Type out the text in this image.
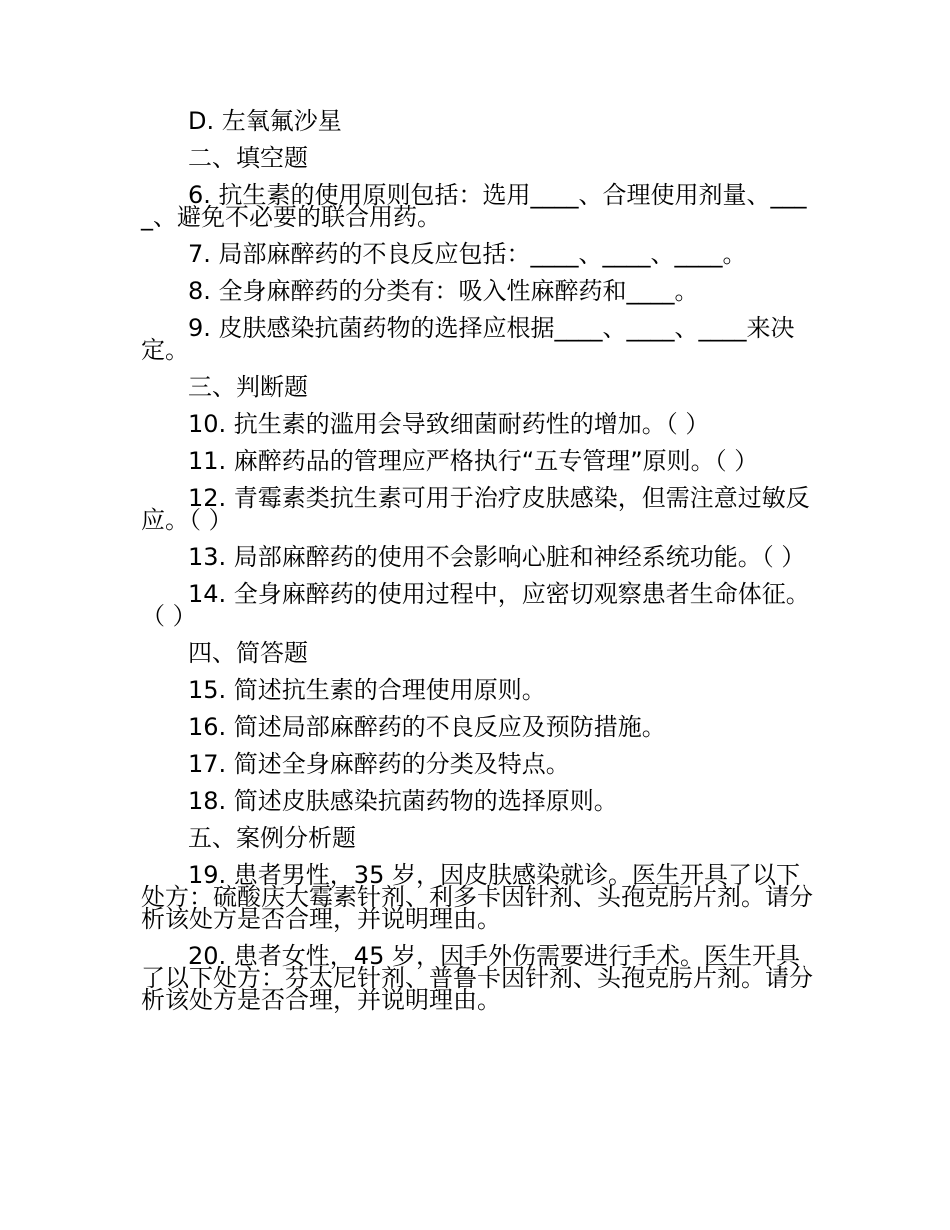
D. 左氧氟沙星

二、填空题

6. 抗生素的使用原则包括：选用____、合理使用剂量、____、避免不必要的联合用药。

7. 局部麻醉药的不良反应包括：____、____、____。

8. 全身麻醉药的分类有：吸入性麻醉药和____。

9. 皮肤感染抗菌药物的选择应根据____、____、____来决定。

三、判断题

10. 抗生素的滥用会导致细菌耐药性的增加。（ ）

11. 麻醉药品的管理应严格执行“五专管理”原则。（ ）

12. 青霉素类抗生素可用于治疗皮肤感染，但需注意过敏反应。（ ）

13. 局部麻醉药的使用不会影响心脏和神经系统功能。（ ）

14. 全身麻醉药的使用过程中，应密切观察患者生命体征。（ ）

四、简答题

15. 简述抗生素的合理使用原则。

16. 简述局部麻醉药的不良反应及预防措施。

17. 简述全身麻醉药的分类及特点。

18. 简述皮肤感染抗菌药物的选择原则。

五、案例分析题

19. 患者男性，35 岁，因皮肤感染就诊。医生开具了以下处方：硫酸庆大霉素针剂、利多卡因针剂、头孢克肟片剂。请分析该处方是否合理，并说明理由。

20. 患者女性，45 岁，因手外伤需要进行手术。医生开具了以下处方：芬太尼针剂、普鲁卡因针剂、头孢克肟片剂。请分析该处方是否合理，并说明理由。
